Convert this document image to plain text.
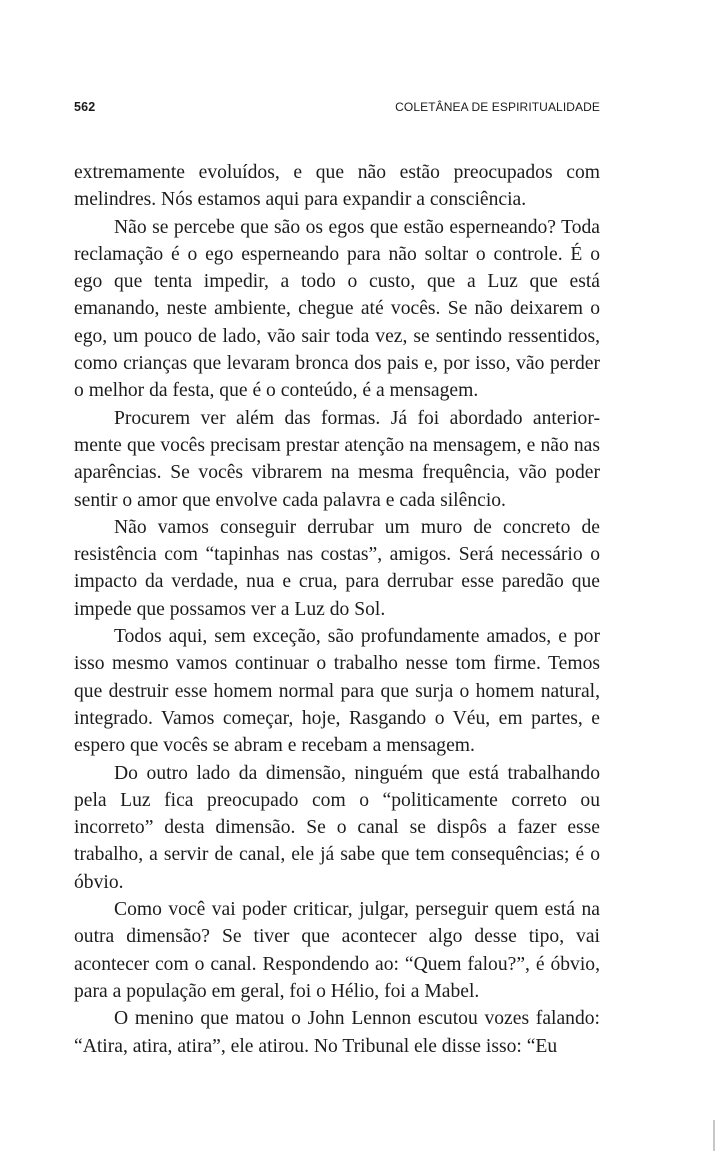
562	COLETÂNEA DE ESPIRITUALIDADE

extremamente evoluídos, e que não estão preocupados com melindres. Nós estamos aqui para expandir a consciência.

Não se percebe que são os egos que estão esperneando? Toda reclamação é o ego esperneando para não soltar o controle. É o ego que tenta impedir, a todo o custo, que a Luz que está emanando, neste ambiente, chegue até vocês. Se não deixarem o ego, um pouco de lado, vão sair toda vez, se sentindo ressentidos, como crianças que levaram bronca dos pais e, por isso, vão perder o melhor da festa, que é o conteúdo, é a mensagem.

Procurem ver além das formas. Já foi abordado anterior-mente que vocês precisam prestar atenção na mensagem, e não nas aparências. Se vocês vibrarem na mesma frequência, vão poder sentir o amor que envolve cada palavra e cada silêncio.

Não vamos conseguir derrubar um muro de concreto de resistência com “tapinhas nas costas”, amigos. Será necessário o impacto da verdade, nua e crua, para derrubar esse paredão que impede que possamos ver a Luz do Sol.

Todos aqui, sem exceção, são profundamente amados, e por isso mesmo vamos continuar o trabalho nesse tom firme. Temos que destruir esse homem normal para que surja o homem natural, integrado. Vamos começar, hoje, Rasgando o Véu, em partes, e espero que vocês se abram e recebam a mensagem.

Do outro lado da dimensão, ninguém que está trabalhando pela Luz fica preocupado com o “politicamente correto ou incorreto” desta dimensão. Se o canal se dispôs a fazer esse trabalho, a servir de canal, ele já sabe que tem consequências; é o óbvio.

Como você vai poder criticar, julgar, perseguir quem está na outra dimensão? Se tiver que acontecer algo desse tipo, vai acontecer com o canal. Respondendo ao: “Quem falou?”, é óbvio, para a população em geral, foi o Hélio, foi a Mabel.

O menino que matou o John Lennon escutou vozes falando: “Atira, atira, atira”, ele atirou. No Tribunal ele disse isso: “Eu
